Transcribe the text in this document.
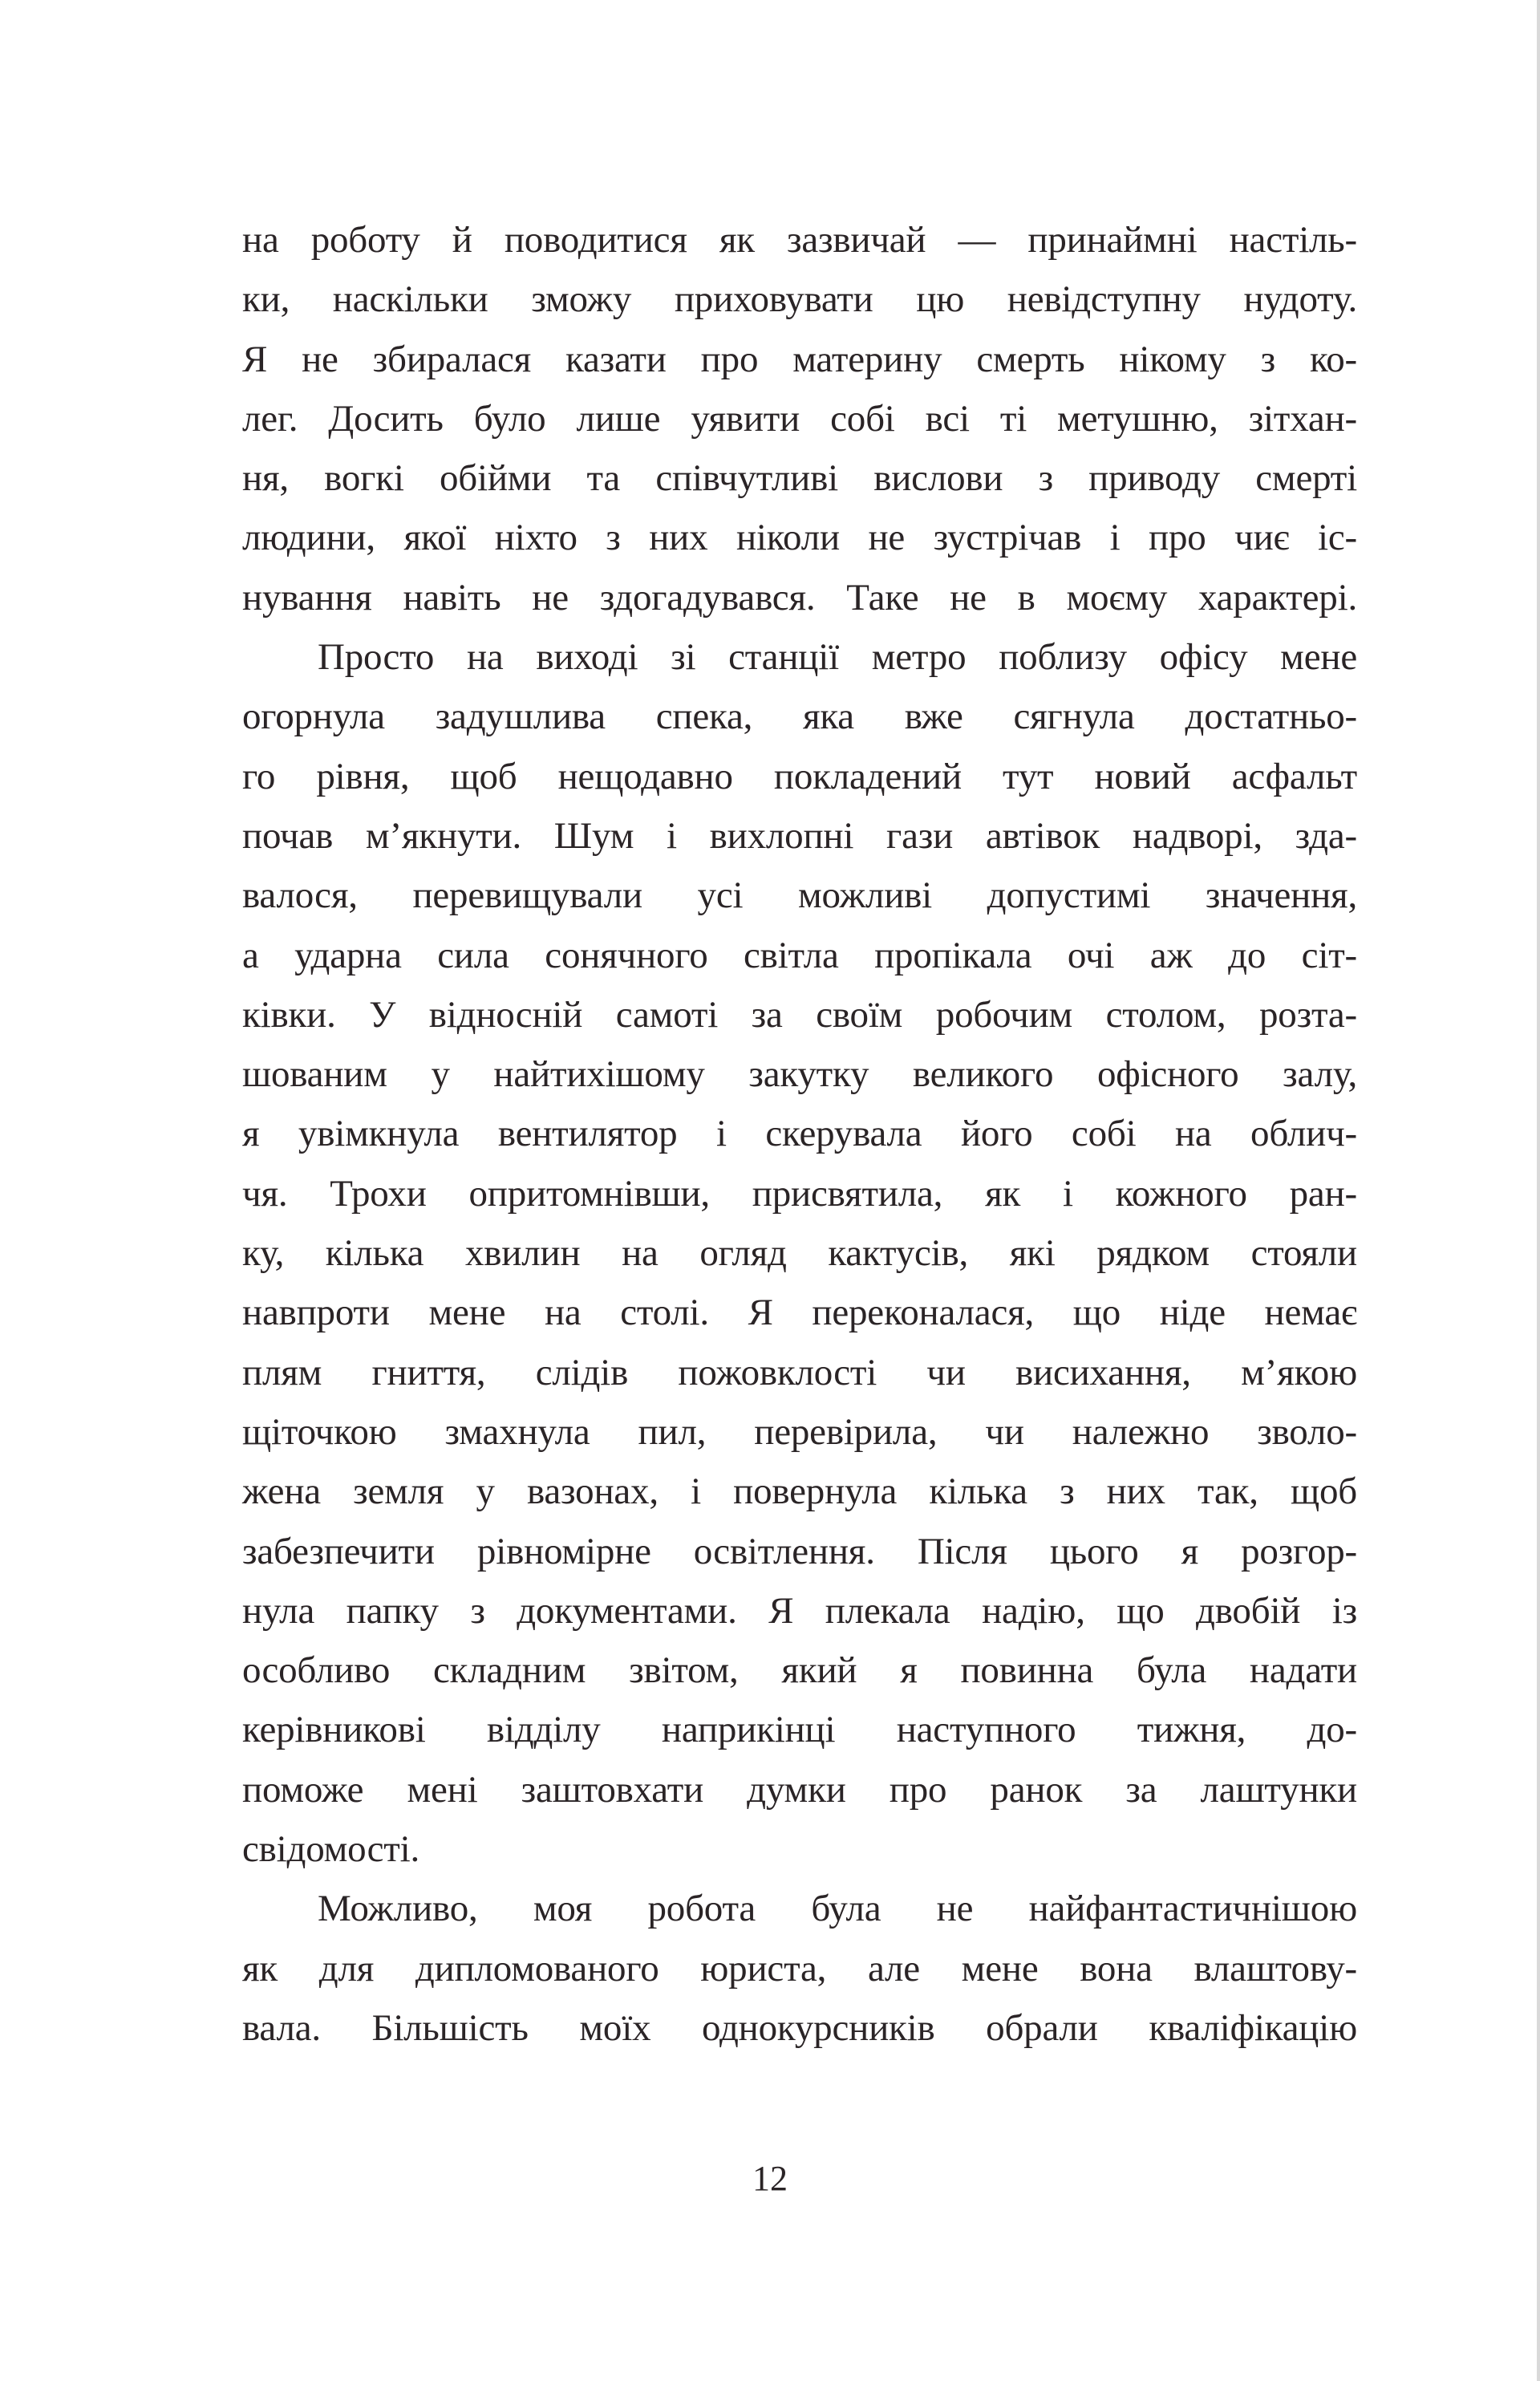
на роботу й поводитися як зазвичай — принаймні настіль-
ки, наскільки зможу приховувати цю невідступну нудоту.
Я не збиралася казати про материну смерть нікому з ко-
лег. Досить було лише уявити собі всі ті метушню, зітхан-
ня, вогкі обійми та співчутливі вислови з приводу смерті
людини, якої ніхто з них ніколи не зустрічав і про чиє іс-
нування навіть не здогадувався. Таке не в моєму характері.
Просто на виході зі станції метро поблизу офісу мене
огорнула задушлива спека, яка вже сягнула достатньо-
го рівня, щоб нещодавно покладений тут новий асфальт
почав м’якнути. Шум і вихлопні гази автівок надворі, зда-
валося, перевищували усі можливі допустимі значення,
а ударна сила сонячного світла пропікала очі аж до сіт-
ківки. У відносній самоті за своїм робочим столом, розта-
шованим у найтихішому закутку великого офісного залу,
я увімкнула вентилятор і скерувала його собі на облич-
чя. Трохи опритомнівши, присвятила, як і кожного ран-
ку, кілька хвилин на огляд кактусів, які рядком стояли
навпроти мене на столі. Я переконалася, що ніде немає
плям гниття, слідів пожовклості чи висихання, м’якою
щіточкою змахнула пил, перевірила, чи належно зволо-
жена земля у вазонах, і повернула кілька з них так, щоб
забезпечити рівномірне освітлення. Після цього я розгор-
нула папку з документами. Я плекала надію, що двобій із
особливо складним звітом, який я повинна була надати
керівникові відділу наприкінці наступного тижня, до-
поможе мені заштовхати думки про ранок за лаштунки
свідомості.
Можливо, моя робота була не найфантастичнішою
як для дипломованого юриста, але мене вона влаштову-
вала. Більшість моїх однокурсників обрали кваліфікацію
12
